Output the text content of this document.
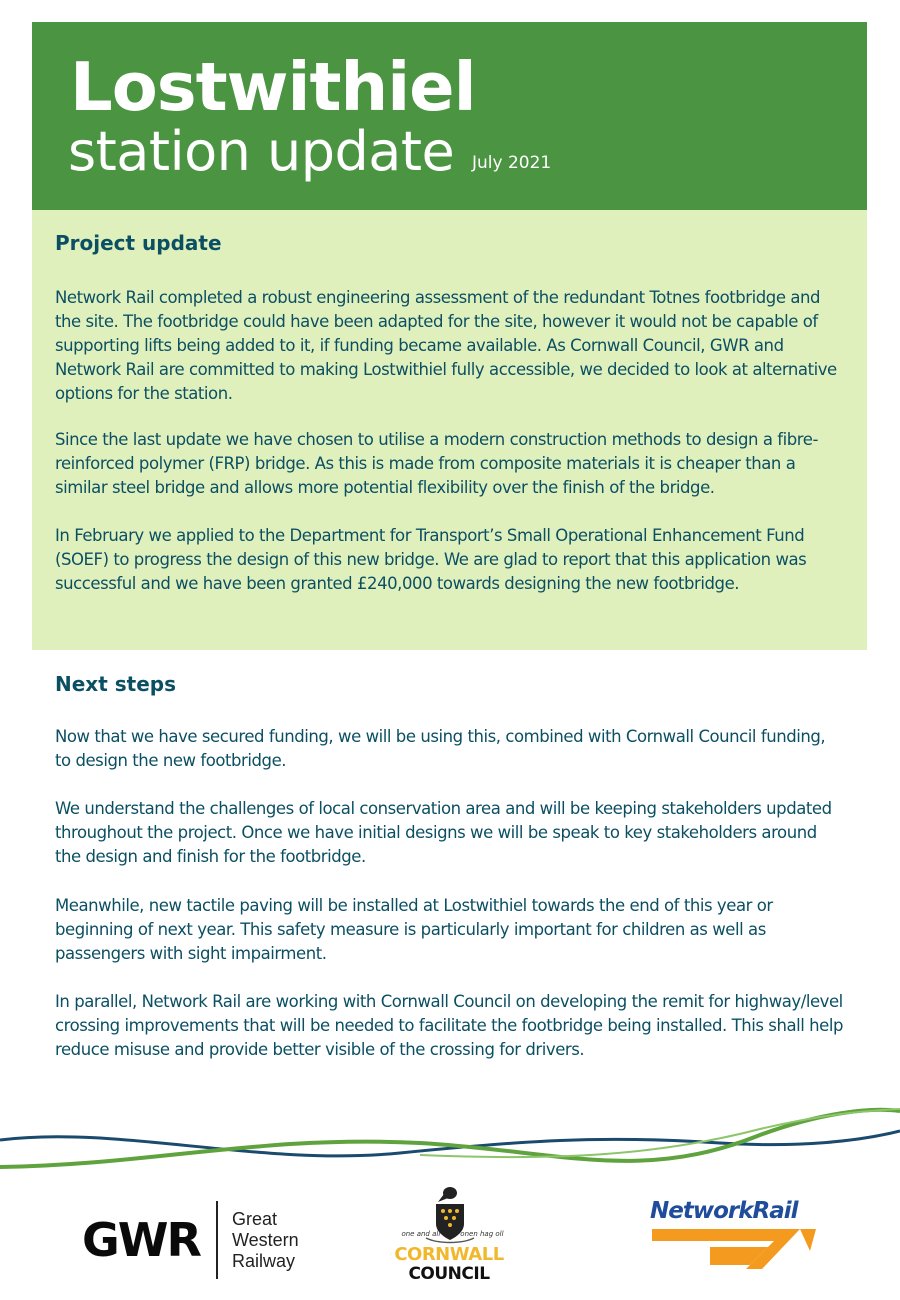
Lostwithiel
station update July 2021
Project update

Network Rail completed a robust engineering assessment of the redundant Totnes footbridge and the site. The footbridge could have been adapted for the site, however it would not be capable of supporting lifts being added to it, if funding became available. As Cornwall Council, GWR and Network Rail are committed to making Lostwithiel fully accessible, we decided to look at alternative options for the station.

Since the last update we have chosen to utilise a modern construction methods to design a fibre-reinforced polymer (FRP) bridge. As this is made from composite materials it is cheaper than a similar steel bridge and allows more potential flexibility over the finish of the bridge.

In February we applied to the Department for Transport’s Small Operational Enhancement Fund (SOEF) to progress the design of this new bridge. We are glad to report that this application was successful and we have been granted £240,000 towards designing the new footbridge.

Next steps

Now that we have secured funding, we will be using this, combined with Cornwall Council funding, to design the new footbridge.

We understand the challenges of local conservation area and will be keeping stakeholders updated throughout the project. Once we have initial designs we will be speak to key stakeholders around the design and finish for the footbridge.

Meanwhile, new tactile paving will be installed at Lostwithiel towards the end of this year or beginning of next year. This safety measure is particularly important for children as well as passengers with sight impairment.

In parallel, Network Rail are working with Cornwall Council on developing the remit for highway/level crossing improvements that will be needed to facilitate the footbridge being installed. This shall help reduce misuse and provide better visible of the crossing for drivers.

GWR Great
Western
Railway
one and all	onen hag oll
CORNWALL
COUNCIL
NetworkRail
